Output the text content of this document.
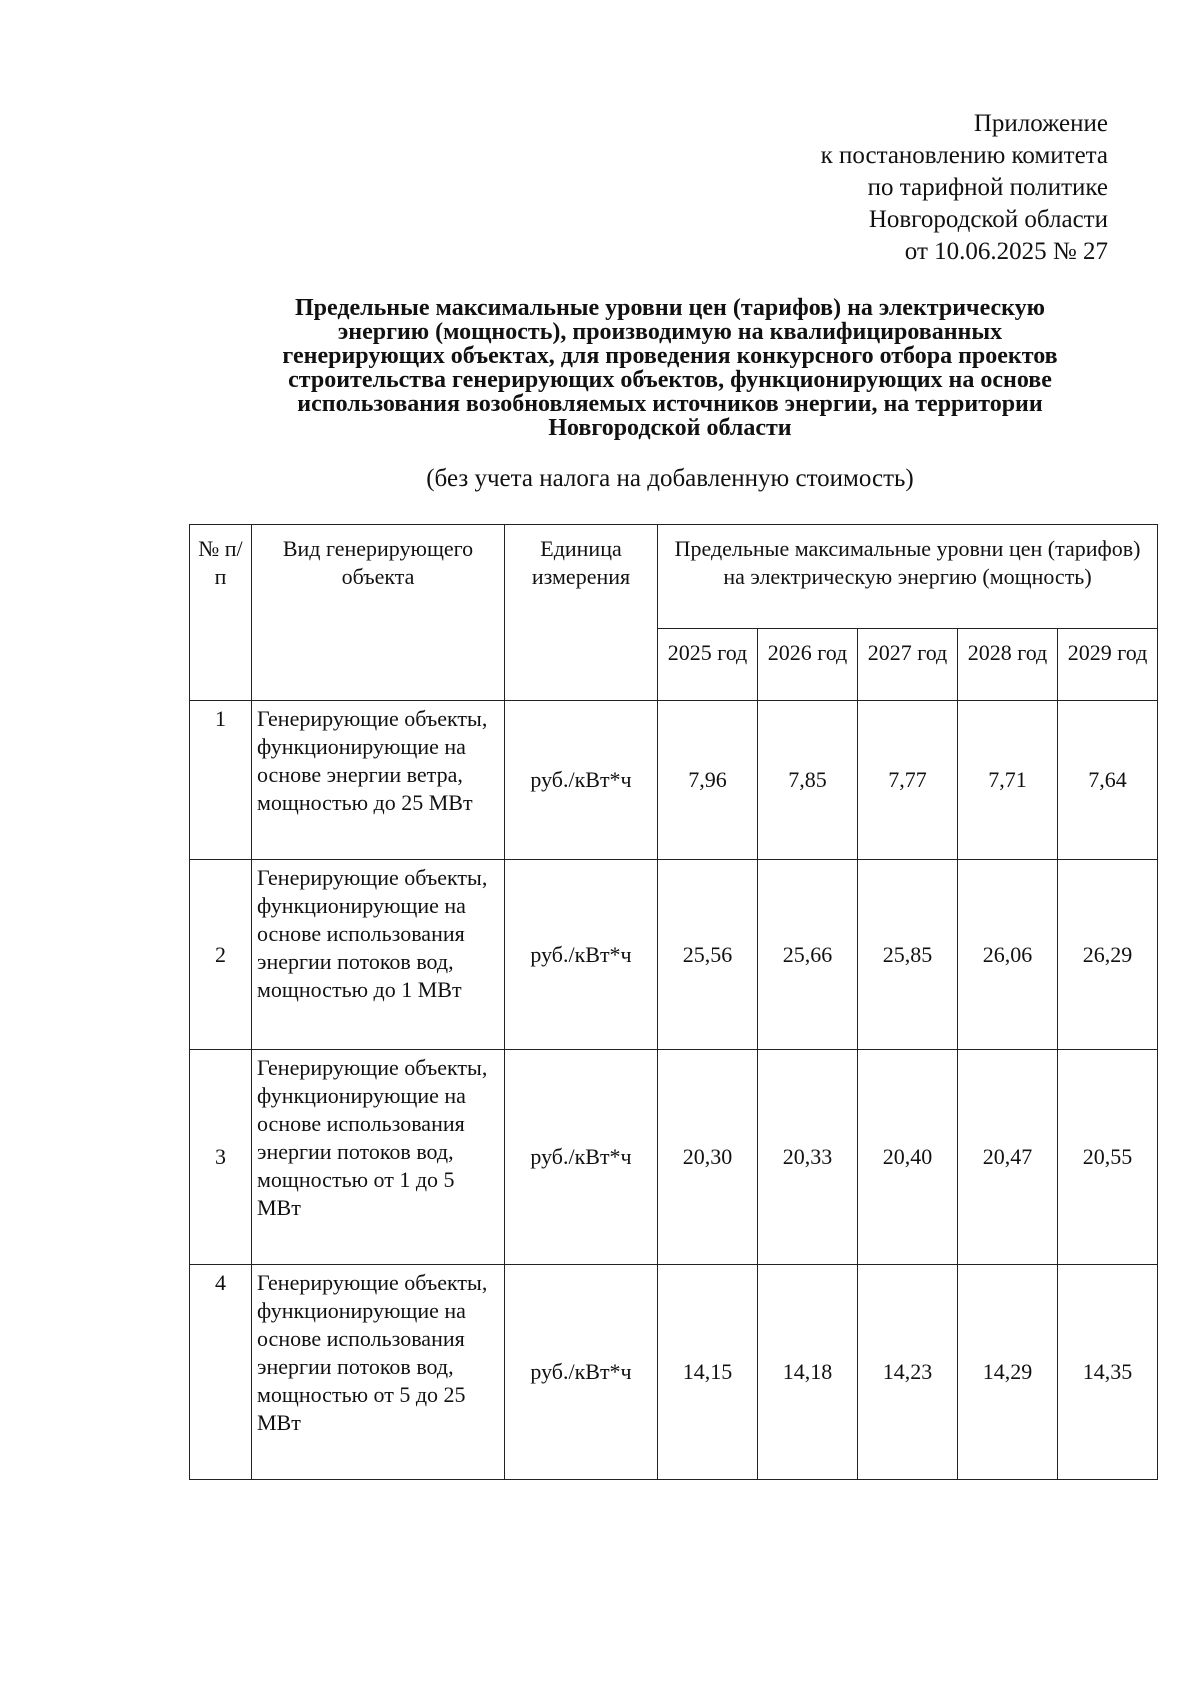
Приложение
к постановлению комитета
по тарифной политике
Новгородской области
от 10.06.2025 № 27
Предельные максимальные уровни цен (тарифов) на электрическую
энергию (мощность), производимую на квалифицированных
генерирующих объектах, для проведения конкурсного отбора проектов
строительства генерирующих объектов, функционирующих на основе
использования возобновляемых источников энергии, на территории
Новгородской области
(без учета налога на добавленную стоимость)
№ п/п	Вид генерирующего объекта	Единица измерения	Предельные максимальные уровни цен (тарифов) на электрическую энергию (мощность)				
			2025 год	2026 год	2027 год	2028 год	2029 год
1	Генерирующие объекты, функционирующие на основе энергии ветра, мощностью до 25 МВт	руб./кВт*ч	7,96	7,85	7,77	7,71	7,64
2	Генерирующие объекты, функционирующие на основе использования энергии потоков вод, мощностью до 1 МВт	руб./кВт*ч	25,56	25,66	25,85	26,06	26,29
3	Генерирующие объекты, функционирующие на основе использования энергии потоков вод, мощностью от 1 до 5 МВт	руб./кВт*ч	20,30	20,33	20,40	20,47	20,55
4	Генерирующие объекты, функционирующие на основе использования энергии потоков вод, мощностью от 5 до 25 МВт	руб./кВт*ч	14,15	14,18	14,23	14,29	14,35
